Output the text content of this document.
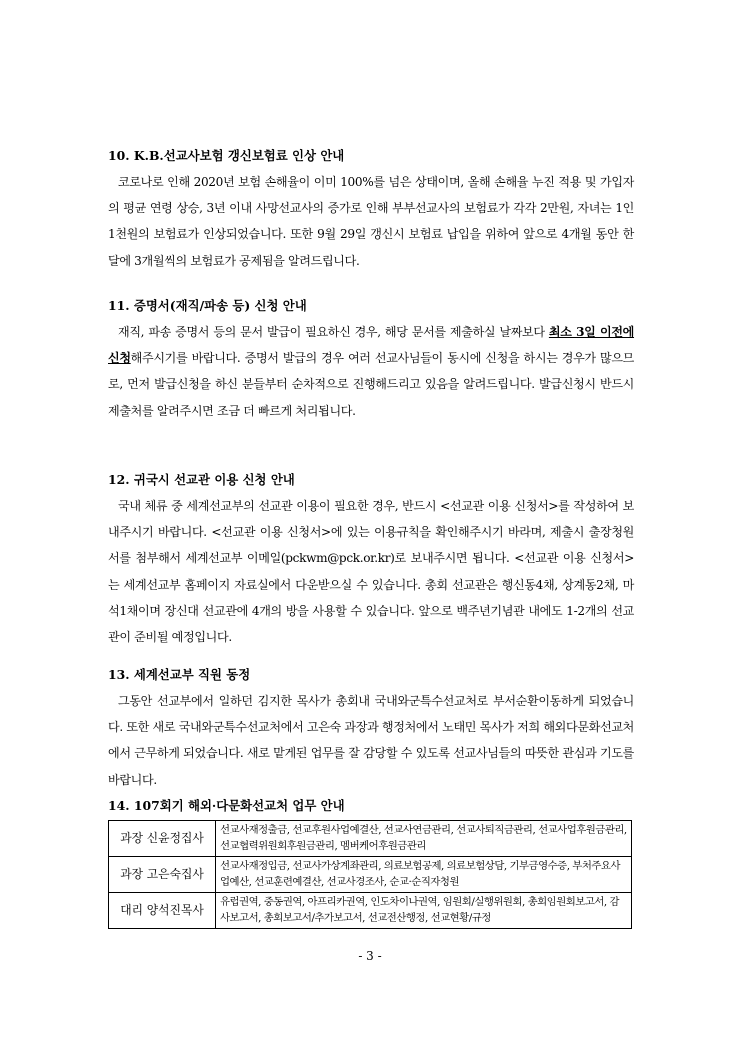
10. K.B.선교사보험 갱신보험료 인상 안내

코로나로 인해 2020년 보험 손해율이 이미 100%를 넘은 상태이며, 올해 손해율 누진 적용 및 가입자의 평균 연령 상승, 3년 이내 사망선교사의 증가로 인해 부부선교사의 보험료가 각각 2만원, 자녀는 1인 1천원의 보험료가 인상되었습니다. 또한 9월 29일 갱신시 보험료 납입을 위하여 앞으로 4개월 동안 한 달에 3개월씩의 보험료가 공제됨을 알려드립니다.

11. 증명서(재직/파송 등) 신청 안내

재직, 파송 증명서 등의 문서 발급이 필요하신 경우, 해당 문서를 제출하실 날짜보다 최소 3일 이전에 신청해주시기를 바랍니다. 증명서 발급의 경우 여러 선교사님들이 동시에 신청을 하시는 경우가 많으므로, 먼저 발급신청을 하신 분들부터 순차적으로 진행해드리고 있음을 알려드립니다. 발급신청시 반드시 제출처를 알려주시면 조금 더 빠르게 처리됩니다.

12. 귀국시 선교관 이용 신청 안내

국내 체류 중 세계선교부의 선교관 이용이 필요한 경우, 반드시 <선교관 이용 신청서>를 작성하여 보내주시기 바랍니다. <선교관 이용 신청서>에 있는 이용규칙을 확인해주시기 바라며, 제출시 출장청원서를 첨부해서 세계선교부 이메일(pckwm@pck.or.kr)로 보내주시면 됩니다. <선교관 이용 신청서>는 세계선교부 홈페이지 자료실에서 다운받으실 수 있습니다. 총회 선교관은 행신동4채, 상계동2채, 마석1채이며 장신대 선교관에 4개의 방을 사용할 수 있습니다. 앞으로 백주년기념관 내에도 1-2개의 선교관이 준비될 예정입니다.

13. 세계선교부 직원 동정

그동안 선교부에서 일하던 김지한 목사가 총회내 국내와군특수선교처로 부서순환이동하게 되었습니다. 또한 새로 국내와군특수선교처에서 고은숙 과장과 행정처에서 노태민 목사가 저희 해외다문화선교처에서 근무하게 되었습니다. 새로 맡게된 업무를 잘 감당할 수 있도록 선교사님들의 따뜻한 관심과 기도를 바랍니다.

14. 107회기 해외·다문화선교처 업무 안내

과장 신윤정집사	선교사재정출금, 선교후원사업예결산, 선교사연금관리, 선교사퇴직금관리, 선교사업후원금관리, 선교협력위원회후원금관리, 멤버케어후원금관리
과장 고은숙집사	선교사재정입금, 선교사가상계좌관리, 의료보험공제, 의료보험상담, 기부금영수증, 부처주요사업예산, 선교훈련예결산, 선교사경조사, 순교·순직자청원
대리 양석진목사	유럽권역, 중동권역, 아프리카권역, 인도차이나권역, 임원회/실행위원회, 총회임원회보고서, 감사보고서, 총회보고서/추가보고서, 선교전산행정, 선교현황/규정
- 3 -
